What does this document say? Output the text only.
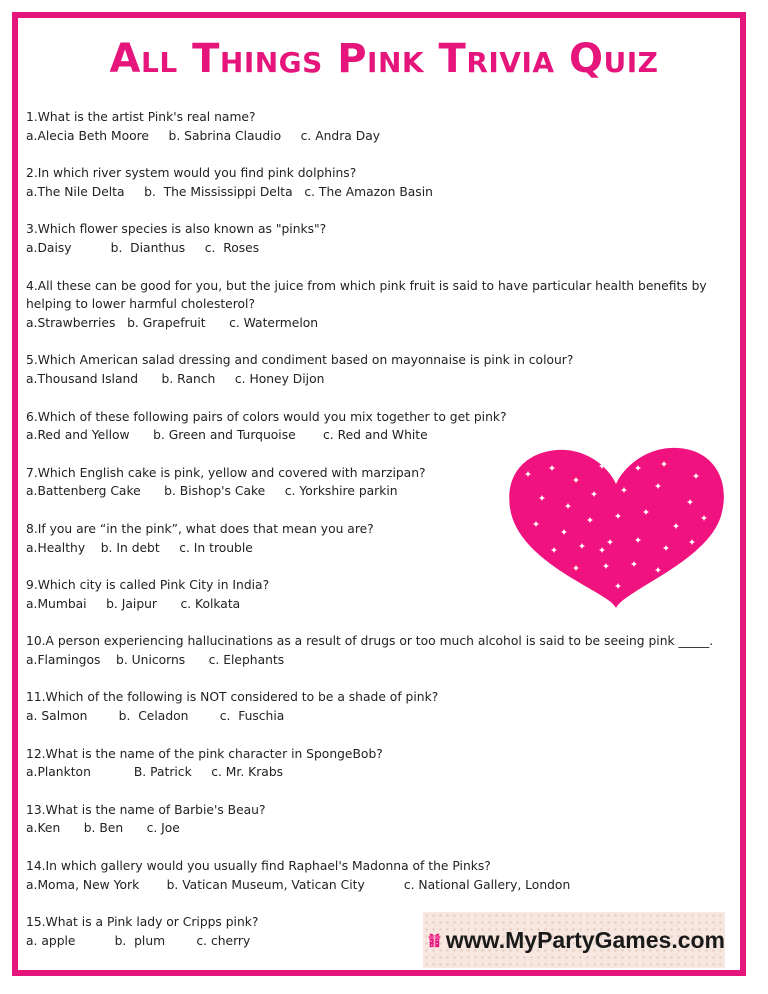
All Things Pink Trivia Quiz
1.What is the artist Pink's real name?
a.Alecia Beth Moore     b. Sabrina Claudio     c. Andra Day
2.In which river system would you find pink dolphins?
a.The Nile Delta     b.  The Mississippi Delta   c. The Amazon Basin
3.Which flower species is also known as "pinks"?
a.Daisy          b.  Dianthus     c.  Roses
4.All these can be good for you, but the juice from which pink fruit is said to have particular health benefits by
helping to lower harmful cholesterol?
a.Strawberries   b. Grapefruit      c. Watermelon
5.Which American salad dressing and condiment based on mayonnaise is pink in colour?
a.Thousand Island      b. Ranch     c. Honey Dijon
6.Which of these following pairs of colors would you mix together to get pink?
a.Red and Yellow      b. Green and Turquoise       c. Red and White
7.Which English cake is pink, yellow and covered with marzipan?
a.Battenberg Cake      b. Bishop's Cake     c. Yorkshire parkin
8.If you are “in the pink”, what does that mean you are?
a.Healthy    b. In debt     c. In trouble
9.Which city is called Pink City in India?
a.Mumbai     b. Jaipur      c. Kolkata
10.A person experiencing hallucinations as a result of drugs or too much alcohol is said to be seeing pink _____.
a.Flamingos    b. Unicorns      c. Elephants
11.Which of the following is NOT considered to be a shade of pink?
a. Salmon        b.  Celadon        c.  Fuschia
12.What is the name of the pink character in SpongeBob?
a.Plankton           B. Patrick     c. Mr. Krabs
13.What is the name of Barbie's Beau?
a.Ken      b. Ben      c. Joe
14.In which gallery would you usually find Raphael's Madonna of the Pinks?
a.Moma, New York       b. Vatican Museum, Vatican City          c. National Gallery, London
15.What is a Pink lady or Cripps pink?
a. apple          b.  plum        c. cherry	www.MyPartyGames.com
